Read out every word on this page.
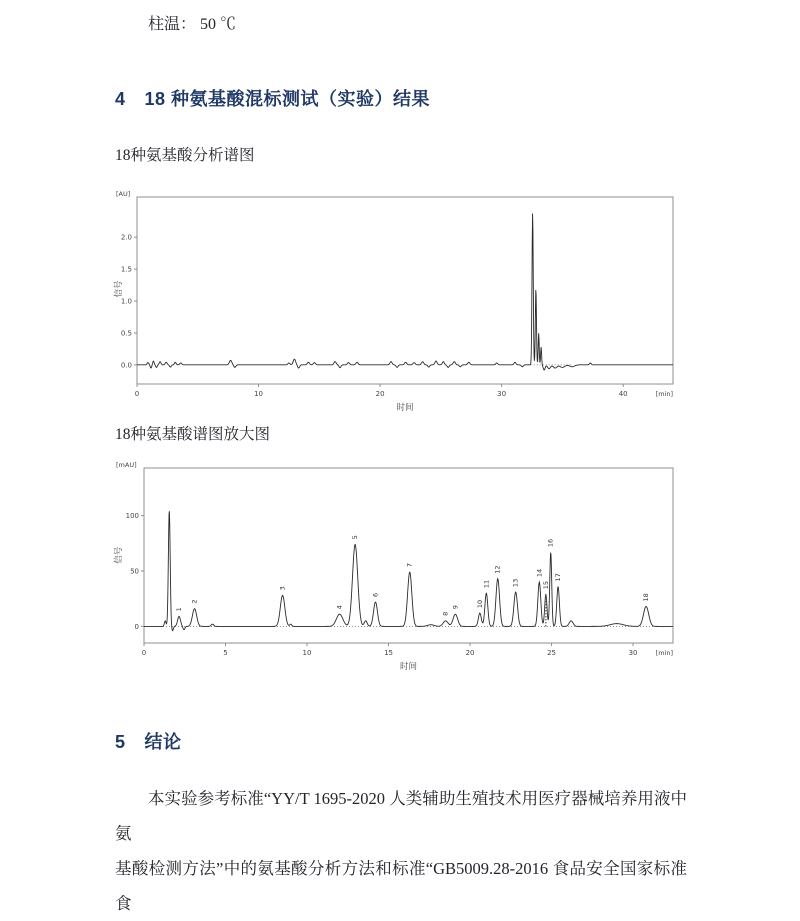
柱温： 50 ℃
4 18 种氨基酸混标测试（实验）结果
18种氨基酸分析谱图
[AU]
0.0
0.5
1.0
1.5
2.0
0	10	20	30	40	[min]
时间
信号
18种氨基酸谱图放大图
[mAU]
0
50
100
0	5	10	15	20	25	30	[min]
时间
信号
1
2
3
4
5
6
7
8
9	10
11
12
13
14
15
16
17
18
5 结论
本实验参考标准“YY/T 1695-2020 人类辅助生殖技术用医疗器械培养用液中氨
基酸检测方法”中的氨基酸分析方法和标准“GB5009.28-2016 食品安全国家标准食
